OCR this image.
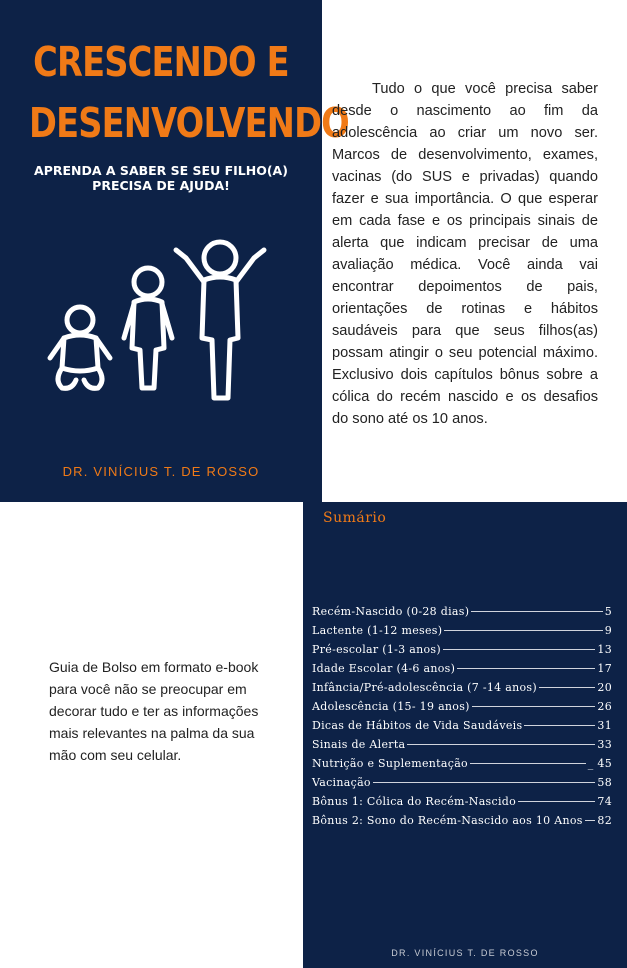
CRESCENDO E
DESENVOLVENDO
APRENDA A SABER SE SEU FILHO(A)
PRECISA DE AJUDA!
DR. VINÍCIUS T. DE ROSSO
Tudo o que você precisa saber desde o nascimento ao fim da adolescência ao criar um novo ser. Marcos de desenvolvimento, exames, vacinas (do SUS e privadas) quando fazer e sua importância. O que esperar em cada fase e os principais sinais de alerta que indicam precisar de uma avaliação médica. Você ainda vai encontrar depoimentos de pais, orientações de rotinas e hábitos saudáveis para que seus filhos(as) possam atingir o seu potencial máximo. Exclusivo dois capítulos bônus sobre a cólica do recém nascido e os desafios do sono até os 10 anos.
Guia de Bolso em formato e-book para você não se preocupar em decorar tudo e ter as informações mais relevantes na palma da sua mão com seu celular.
Sumário
Recém-Nascido (0-28 dias)	5
Lactente (1-12 meses)	9
Pré-escolar (1-3 anos)	13
Idade Escolar (4-6 anos)	17
Infância/Pré-adolescência (7 -14 anos)	20
Adolescência (15- 19 anos)	26
Dicas de Hábitos de Vida Saudáveis	31
Sinais de Alerta	33
Nutrição e Suplementação	_ 45
Vacinação	58
Bônus 1: Cólica do Recém-Nascido	74
Bônus 2: Sono do Recém-Nascido aos 10 Anos 82
DR. VINÍCIUS T. DE ROSSO
